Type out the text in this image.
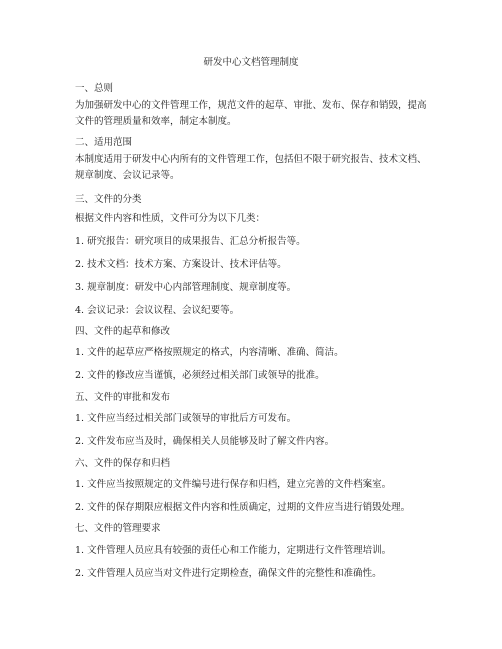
研发中心文档管理制度
一、总则
为加强研发中心的文件管理工作，规范文件的起草、审批、发布、保存和销毁，提高文件的管理质量和效率，制定本制度。
二、适用范围
本制度适用于研发中心内所有的文件管理工作，包括但不限于研究报告、技术文档、规章制度、会议记录等。
三、文件的分类
根据文件内容和性质，文件可分为以下几类：
1. 研究报告：研究项目的成果报告、汇总分析报告等。
2. 技术文档：技术方案、方案设计、技术评估等。
3. 规章制度：研发中心内部管理制度、规章制度等。
4. 会议记录：会议议程、会议纪要等。
四、文件的起草和修改
1. 文件的起草应严格按照规定的格式，内容清晰、准确、简洁。
2. 文件的修改应当谨慎，必须经过相关部门或领导的批准。
五、文件的审批和发布
1. 文件应当经过相关部门或领导的审批后方可发布。
2. 文件发布应当及时，确保相关人员能够及时了解文件内容。
六、文件的保存和归档
1. 文件应当按照规定的文件编号进行保存和归档，建立完善的文件档案室。
2. 文件的保存期限应根据文件内容和性质确定，过期的文件应当进行销毁处理。
七、文件的管理要求
1. 文件管理人员应具有较强的责任心和工作能力，定期进行文件管理培训。
2. 文件管理人员应当对文件进行定期检查，确保文件的完整性和准确性。
